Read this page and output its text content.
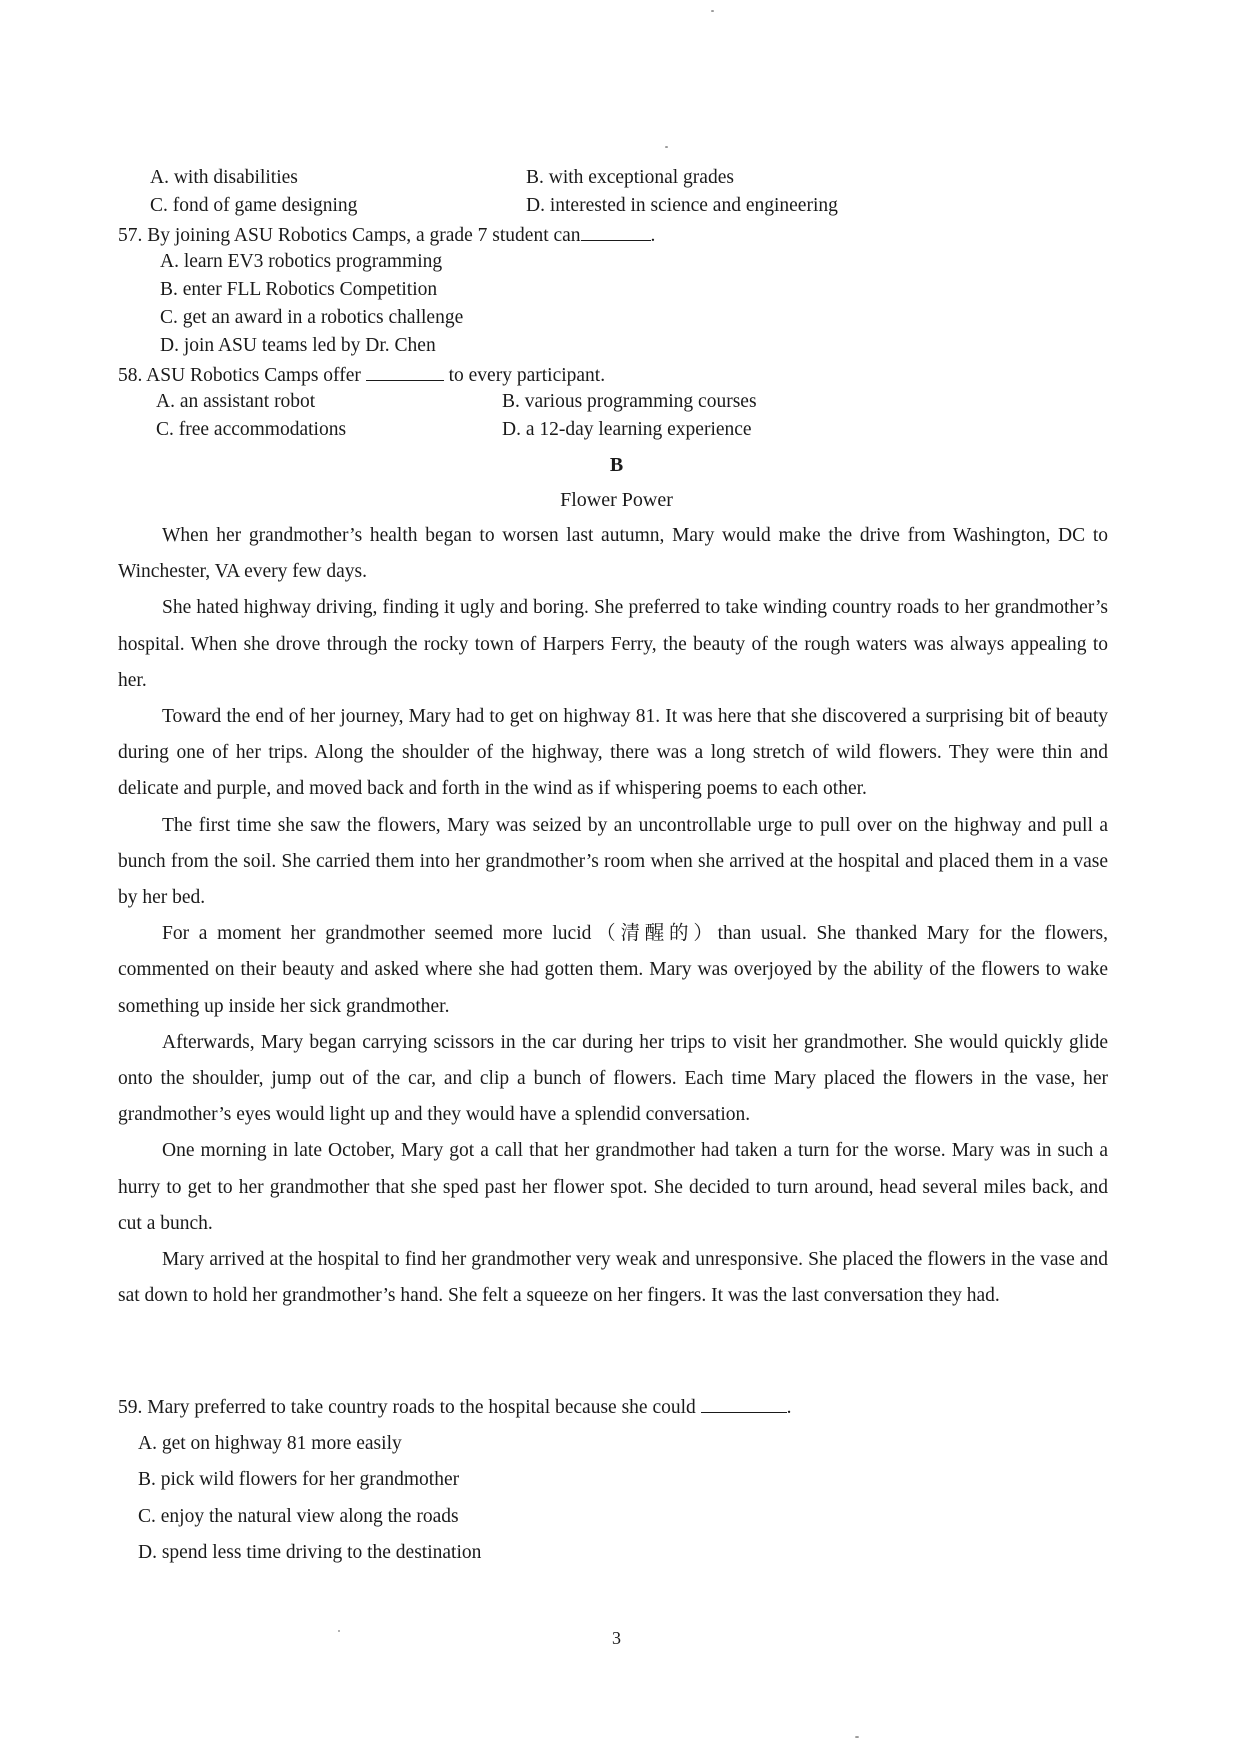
A. with disabilities	B. with exceptional grades
C. fond of game designing	D. interested in science and engineering
57. By joining ASU Robotics Camps, a grade 7 student can	.
A. learn EV3 robotics programming
B. enter FLL Robotics Competition
C. get an award in a robotics challenge
D. join ASU teams led by Dr. Chen
58. ASU Robotics Camps offer	to every participant.
A. an assistant robot	B. various programming courses
C. free accommodations	D. a 12-day learning experience
B
Flower Power

When her grandmother’s health began to worsen last autumn, Mary would make the drive from Washington, DC to Winchester, VA every few days.

She hated highway driving, finding it ugly and boring. She preferred to take winding country roads to her grandmother’s hospital. When she drove through the rocky town of Harpers Ferry, the beauty of the rough waters was always appealing to her.

Toward the end of her journey, Mary had to get on highway 81. It was here that she discovered a surprising bit of beauty during one of her trips. Along the shoulder of the highway, there was a long stretch of wild flowers. They were thin and delicate and purple, and moved back and forth in the wind as if whispering poems to each other.

The first time she saw the flowers, Mary was seized by an uncontrollable urge to pull over on the highway and pull a bunch from the soil. She carried them into her grandmother’s room when she arrived at the hospital and placed them in a vase by her bed.

For a moment her grandmother seemed more lucid（清醒的）than usual. She thanked Mary for the flowers, commented on their beauty and asked where she had gotten them. Mary was overjoyed by the ability of the flowers to wake something up inside her sick grandmother.

Afterwards, Mary began carrying scissors in the car during her trips to visit her grandmother. She would quickly glide onto the shoulder, jump out of the car, and clip a bunch of flowers. Each time Mary placed the flowers in the vase, her grandmother’s eyes would light up and they would have a splendid conversation.

One morning in late October, Mary got a call that her grandmother had taken a turn for the worse. Mary was in such a hurry to get to her grandmother that she sped past her flower spot. She decided to turn around, head several miles back, and cut a bunch.

Mary arrived at the hospital to find her grandmother very weak and unresponsive. She placed the flowers in the vase and sat down to hold her grandmother’s hand. She felt a squeeze on her fingers. It was the last conversation they had.

59. Mary preferred to take country roads to the hospital because she could	.
A. get on highway 81 more easily
B. pick wild flowers for her grandmother
C. enjoy the natural view along the roads
D. spend less time driving to the destination
3
